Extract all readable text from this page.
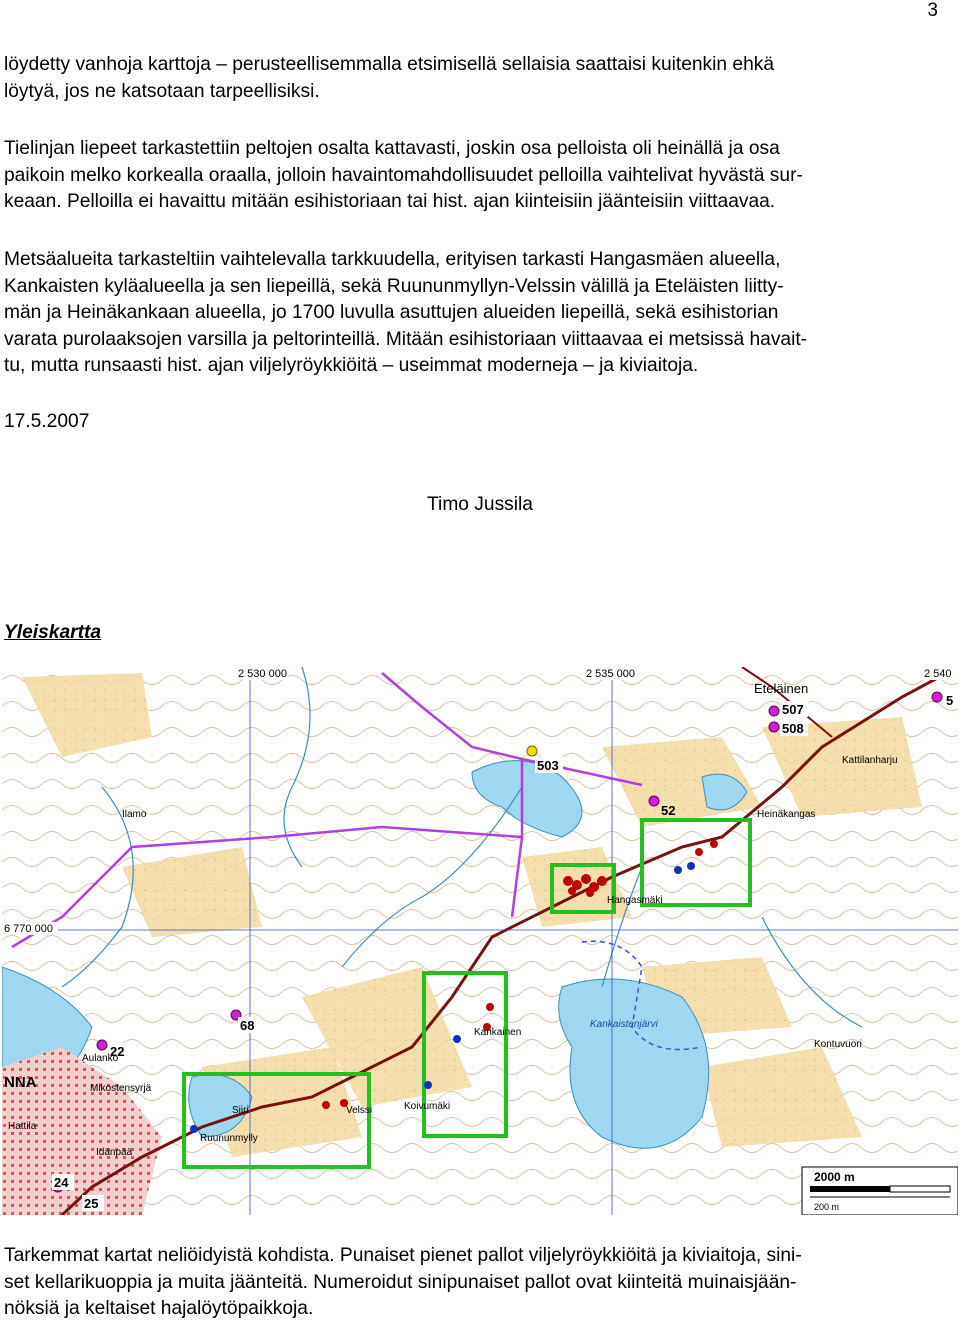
3
löydetty vanhoja karttoja – perusteellisemmalla etsimisellä sellaisia saattaisi kuitenkin ehkä
löytyä, jos ne katsotaan tarpeellisiksi.
Tielinjan liepeet tarkastettiin peltojen osalta kattavasti, joskin osa pelloista oli heinällä ja osa
paikoin melko korkealla oraalla, jolloin havaintomahdollisuudet pelloilla vaihtelivat hyvästä sur-
keaan. Pelloilla ei havaittu mitään esihistoriaan tai hist. ajan kiinteisiin jäänteisiin viittaavaa.
Metsäalueita tarkasteltiin vaihtelevalla tarkkuudella, erityisen tarkasti Hangasmäen alueella,
Kankaisten kyläalueella ja sen liepeillä, sekä Ruununmyllyn-Velssin välillä ja Eteläisten liitty-
män ja Heinäkankaan alueella, jo 1700 luvulla asuttujen alueiden liepeillä, sekä esihistorian
varata purolaaksojen varsilla ja peltorinteillä. Mitään esihistoriaan viittaavaa ei metsissä havait-
tu, mutta runsaasti hist. ajan viljelyröykkiöitä – useimmat moderneja – ja kiviaitoja.
17.5.2007
Timo Jussila
Yleiskartta
2 530 000	2 535 000	2 540
6 770 000
507
508
503
52
68
22
24
25
5
Eteläinen
Heinäkangas
Hangasmäki
Kankainen
Kankaistenjärvi
Ruununmylly
Velssi	Koivumäki
Siiri
Aulanko
Mikostensyrjä
Hattila
Idänpää
Kontuvuori
Kattilanharju
Ilamo
NNA
2000 m
200 m
Tarkemmat kartat neliöidyistä kohdista. Punaiset pienet pallot viljelyröykkiöitä ja kiviaitoja, sini-
set kellarikuoppia ja muita jäänteitä. Numeroidut sinipunaiset pallot ovat kiinteitä muinaisjään-
nöksiä ja keltaiset hajalöytöpaikkoja.
